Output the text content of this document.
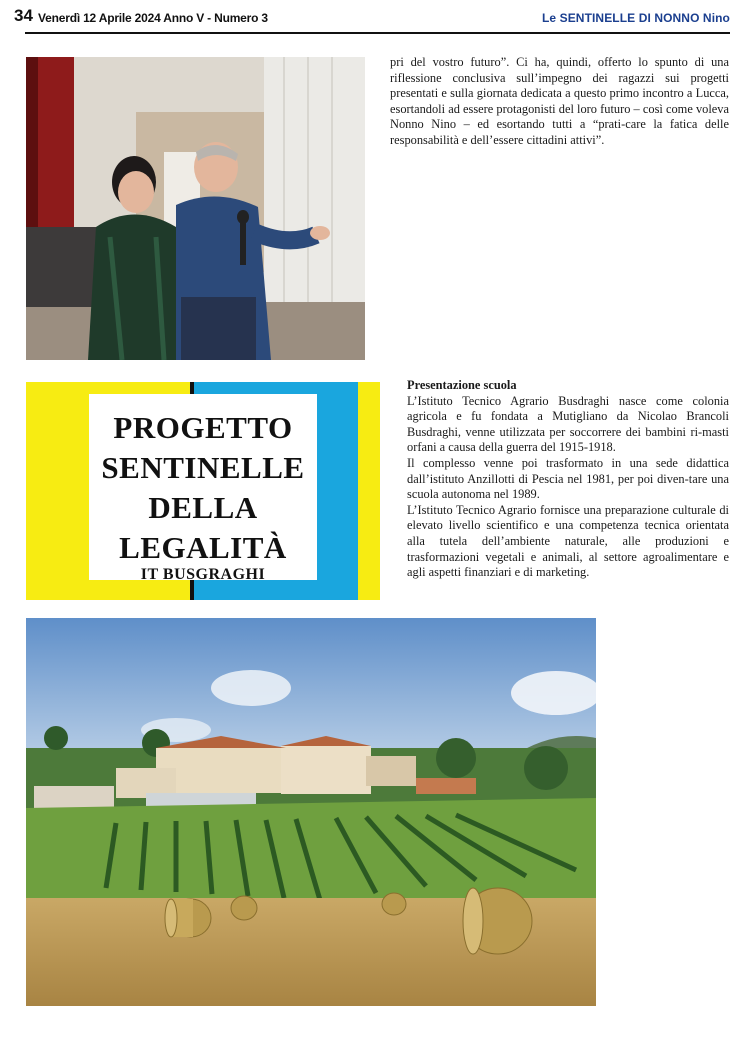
34 Venerdì 12 Aprile 2024 Anno V - Numero 3	Le SENTINELLE DI NONNO Nino

pri del vostro futuro”. Ci ha, quindi, offerto lo spunto di una riflessione conclusiva sull’impegno dei ragazzi sui progetti presentati e sulla giornata dedicata a questo primo incontro a Lucca, esortandoli ad essere protagonisti del loro futuro – così come voleva Nonno Nino – ed esortando tutti a “prati-care la fatica delle responsabilità e dell’essere cittadini attivi”.

PROGETTO
SENTINELLE
DELLA
LEGALITÀ
IT BUSGRAGHI

Presentazione scuola

L’Istituto Tecnico Agrario Busdraghi nasce come colonia agricola e fu fondata a Mutigliano da Nicolao Brancoli Busdraghi, venne utilizzata per soccorrere dei bambini ri-masti orfani a causa della guerra del 1915-1918.

Il complesso venne poi trasformato in una sede didattica dall’istituto Anzillotti di Pescia nel 1981, per poi diven-tare una scuola autonoma nel 1989.

L’Istituto Tecnico Agrario fornisce una preparazione culturale di elevato livello scientifico e una competenza tecnica orientata alla tutela dell’ambiente naturale, alle produzioni e trasformazioni vegetali e animali, al settore agroalimentare e agli aspetti finanziari e di marketing.
